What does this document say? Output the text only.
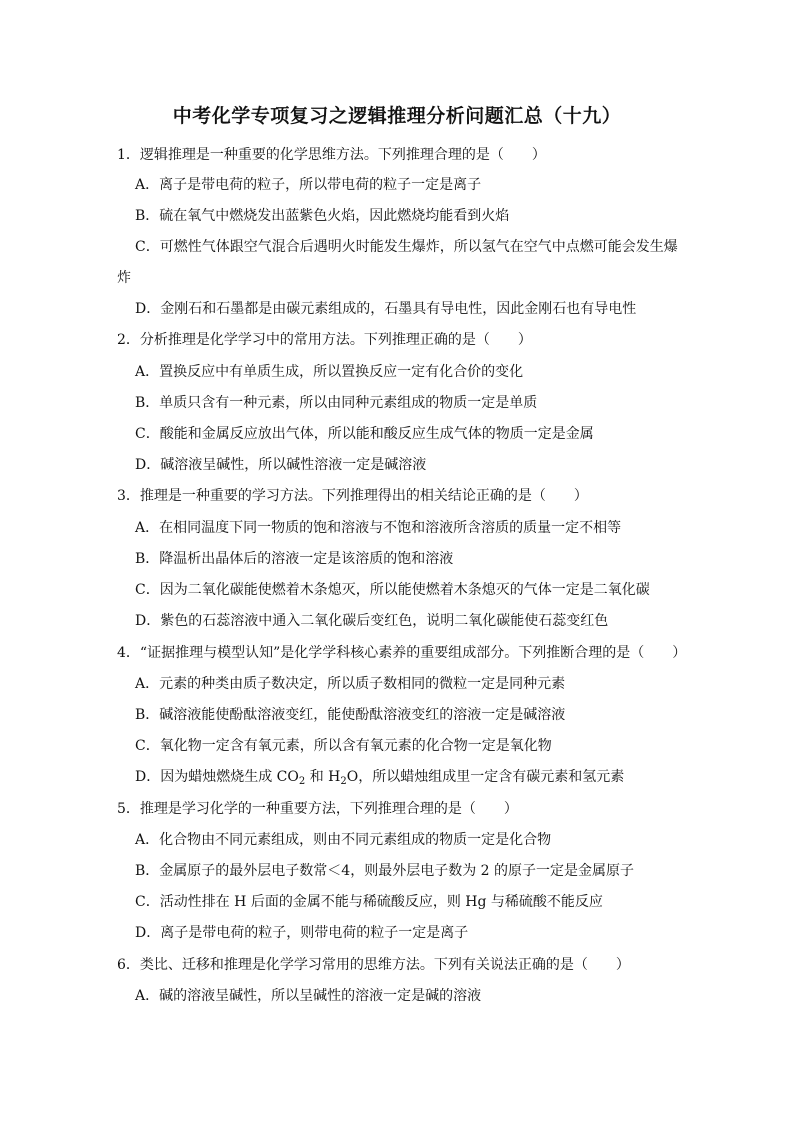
中考化学专项复习之逻辑推理分析问题汇总（十九）
1．逻辑推理是一种重要的化学思维方法。下列推理合理的是（　　）
A．离子是带电荷的粒子，所以带电荷的粒子一定是离子
B．硫在氧气中燃烧发出蓝紫色火焰，因此燃烧均能看到火焰
C．可燃性气体跟空气混合后遇明火时能发生爆炸，所以氢气在空气中点燃可能会发生爆
炸
D．金刚石和石墨都是由碳元素组成的，石墨具有导电性，因此金刚石也有导电性
2．分析推理是化学学习中的常用方法。下列推理正确的是（　　）
A．置换反应中有单质生成，所以置换反应一定有化合价的变化
B．单质只含有一种元素，所以由同种元素组成的物质一定是单质
C．酸能和金属反应放出气体，所以能和酸反应生成气体的物质一定是金属
D．碱溶液呈碱性，所以碱性溶液一定是碱溶液
3．推理是一种重要的学习方法。下列推理得出的相关结论正确的是（　　）
A．在相同温度下同一物质的饱和溶液与不饱和溶液所含溶质的质量一定不相等
B．降温析出晶体后的溶液一定是该溶质的饱和溶液
C．因为二氧化碳能使燃着木条熄灭，所以能使燃着木条熄灭的气体一定是二氧化碳
D．紫色的石蕊溶液中通入二氧化碳后变红色，说明二氧化碳能使石蕊变红色
4．“证据推理与模型认知”是化学学科核心素养的重要组成部分。下列推断合理的是（　　）
A．元素的种类由质子数决定，所以质子数相同的微粒一定是同种元素
B．碱溶液能使酚酞溶液变红，能使酚酞溶液变红的溶液一定是碱溶液
C．氧化物一定含有氧元素，所以含有氧元素的化合物一定是氧化物
D．因为蜡烛燃烧生成 $CO_2$ 和 $H_2O$，所以蜡烛组成里一定含有碳元素和氢元素
5．推理是学习化学的一种重要方法，下列推理合理的是（　　）
A．化合物由不同元素组成，则由不同元素组成的物质一定是化合物
B．金属原子的最外层电子数常＜4，则最外层电子数为 2 的原子一定是金属原子
C．活动性排在 H 后面的金属不能与稀硫酸反应，则 Hg 与稀硫酸不能反应
D．离子是带电荷的粒子，则带电荷的粒子一定是离子
6．类比、迁移和推理是化学学习常用的思维方法。下列有关说法正确的是（　　）
A．碱的溶液呈碱性，所以呈碱性的溶液一定是碱的溶液
